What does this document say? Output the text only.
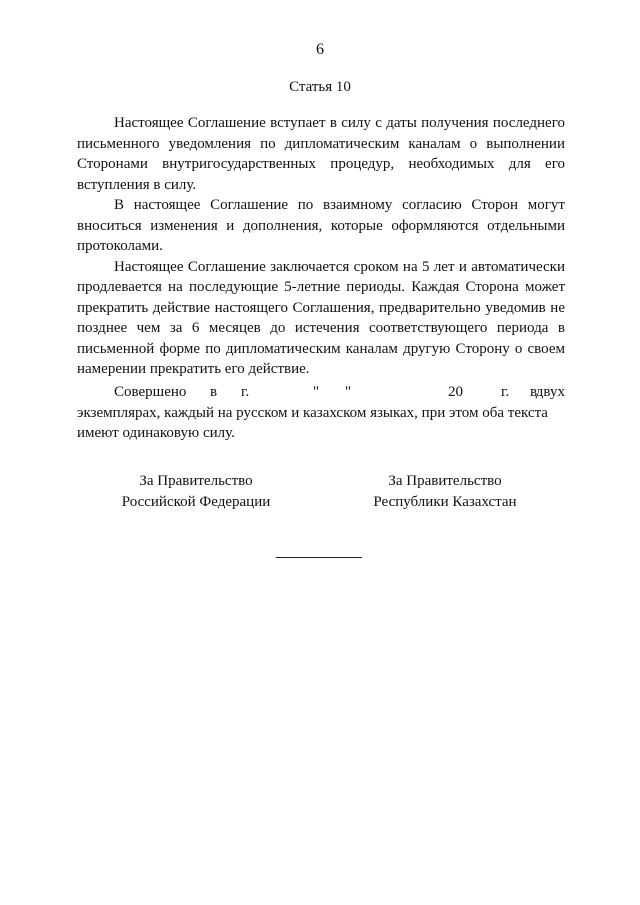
6
Статья 10

Настоящее Соглашение вступает в силу с даты получения последнего письменного уведомления по дипломатическим каналам о выполнении Сторонами внутригосударственных процедур, необходимых для его вступления в силу.

В настоящее Соглашение по взаимному согласию Сторон могут вноситься изменения и дополнения, которые оформляются отдельными протоколами.

Настоящее Соглашение заключается сроком на 5 лет и автоматически продлевается на последующие 5-летние периоды. Каждая Сторона может прекратить действие настоящего Соглашения, предварительно уведомив не позднее чем за 6 месяцев до истечения соответствующего периода в письменной форме по дипломатическим каналам другую Сторону о своем намерении прекратить его действие.

Совершено в г.	" "	20	г. в
двух

экземплярах, каждый на русском и казахском языках, при этом оба текста имеют одинаковую силу.

За Правительство
Российской Федерации
За Правительство
Республики Казахстан
